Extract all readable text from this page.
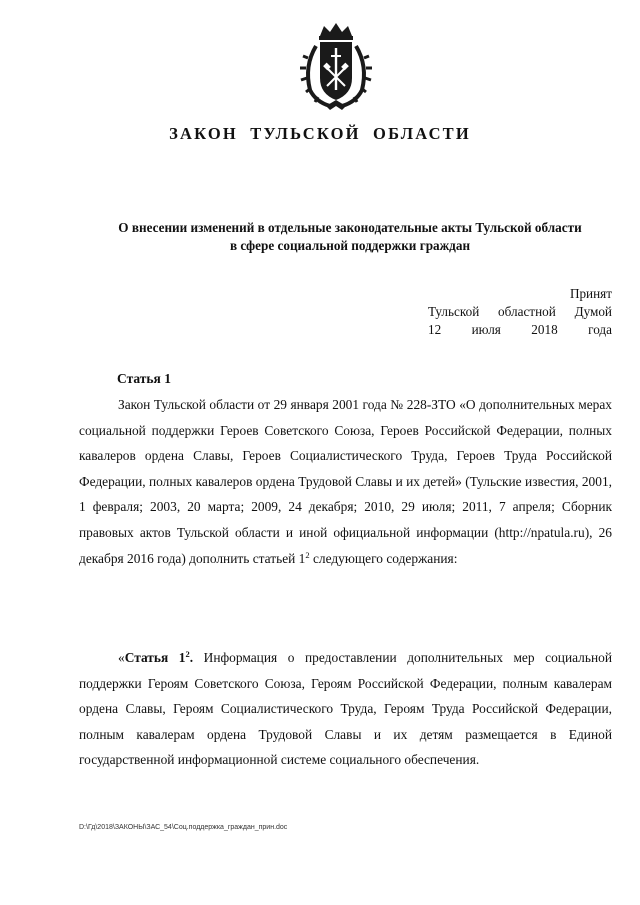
ЗАКОН ТУЛЬСКОЙ ОБЛАСТИ
О внесении изменений в отдельные законодательные акты Тульской области
в сфере социальной поддержки граждан
Принят
Тульской областной Думой
12 июля 2018 года
Статья 1

Закон Тульской области от 29 января 2001 года № 228-ЗТО «О дополнительных мерах социальной поддержки Героев Советского Союза, Героев Российской Федерации, полных кавалеров ордена Славы, Героев Социалистического Труда, Героев Труда Российской Федерации, полных кавалеров ордена Трудовой Славы и их детей» (Тульские известия, 2001, 1 февраля; 2003, 20 марта; 2009, 24 декабря; 2010, 29 июля; 2011, 7 апреля; Сборник правовых актов Тульской области и иной официальной информации (http://npatula.ru), 26 декабря 2016 года) дополнить статьей $1^2$ следующего содержания:

«Статья $1^2$. Информация о предоставлении дополнительных мер социальной поддержки Героям Советского Союза, Героям Российской Федерации, полным кавалерам ордена Славы, Героям Социалистического Труда, Героям Труда Российской Федерации, полным кавалерам ордена Трудовой Славы и их детям размещается в Единой государственной информационной системе социального обеспечения.

D:\Гд\2018\ЗАКОНЫ\ЗАС_54\Соц.поддержка_граждан_прин.doc
